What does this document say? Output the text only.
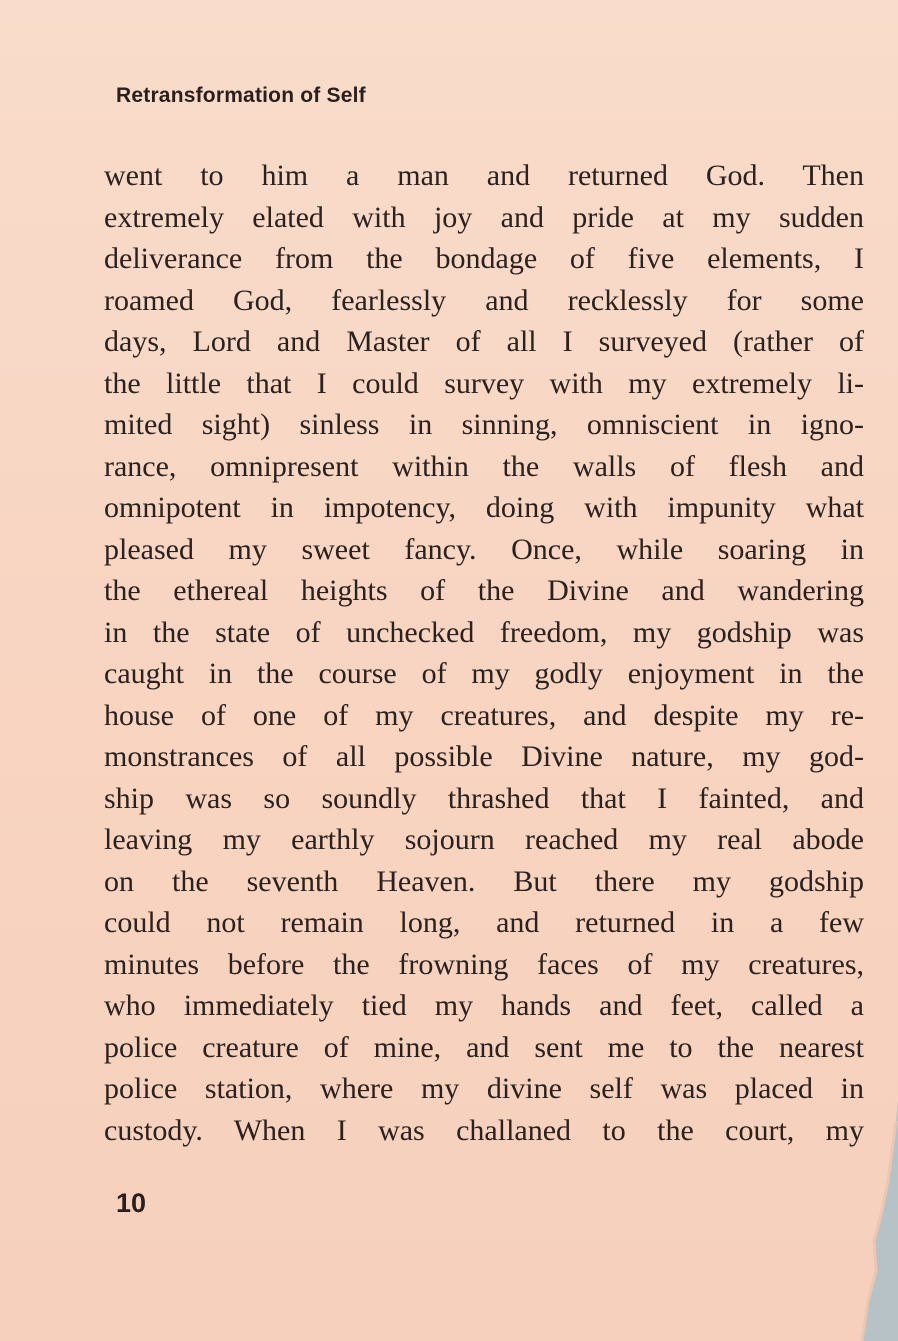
Retransformation of Self
went to him a man and returned God. Then
extremely elated with joy and pride at my sudden
deliverance from the bondage of five elements, I
roamed God, fearlessly and recklessly for some
days, Lord and Master of all I surveyed (rather of
the little that I could survey with my extremely li-
mited sight) sinless in sinning, omniscient in igno-
rance, omnipresent within the walls of flesh and
omnipotent in impotency, doing with impunity what
pleased my sweet fancy. Once, while soaring in
the ethereal heights of the Divine and wandering
in the state of unchecked freedom, my godship was
caught in the course of my godly enjoyment in the
house of one of my creatures, and despite my re-
monstrances of all possible Divine nature, my god-
ship was so soundly thrashed that I fainted, and
leaving my earthly sojourn reached my real abode
on the seventh Heaven. But there my godship
could not remain long, and returned in a few
minutes before the frowning faces of my creatures,
who immediately tied my hands and feet, called a
police creature of mine, and sent me to the nearest
police station, where my divine self was placed in
custody. When I was challaned to the court, my
10
